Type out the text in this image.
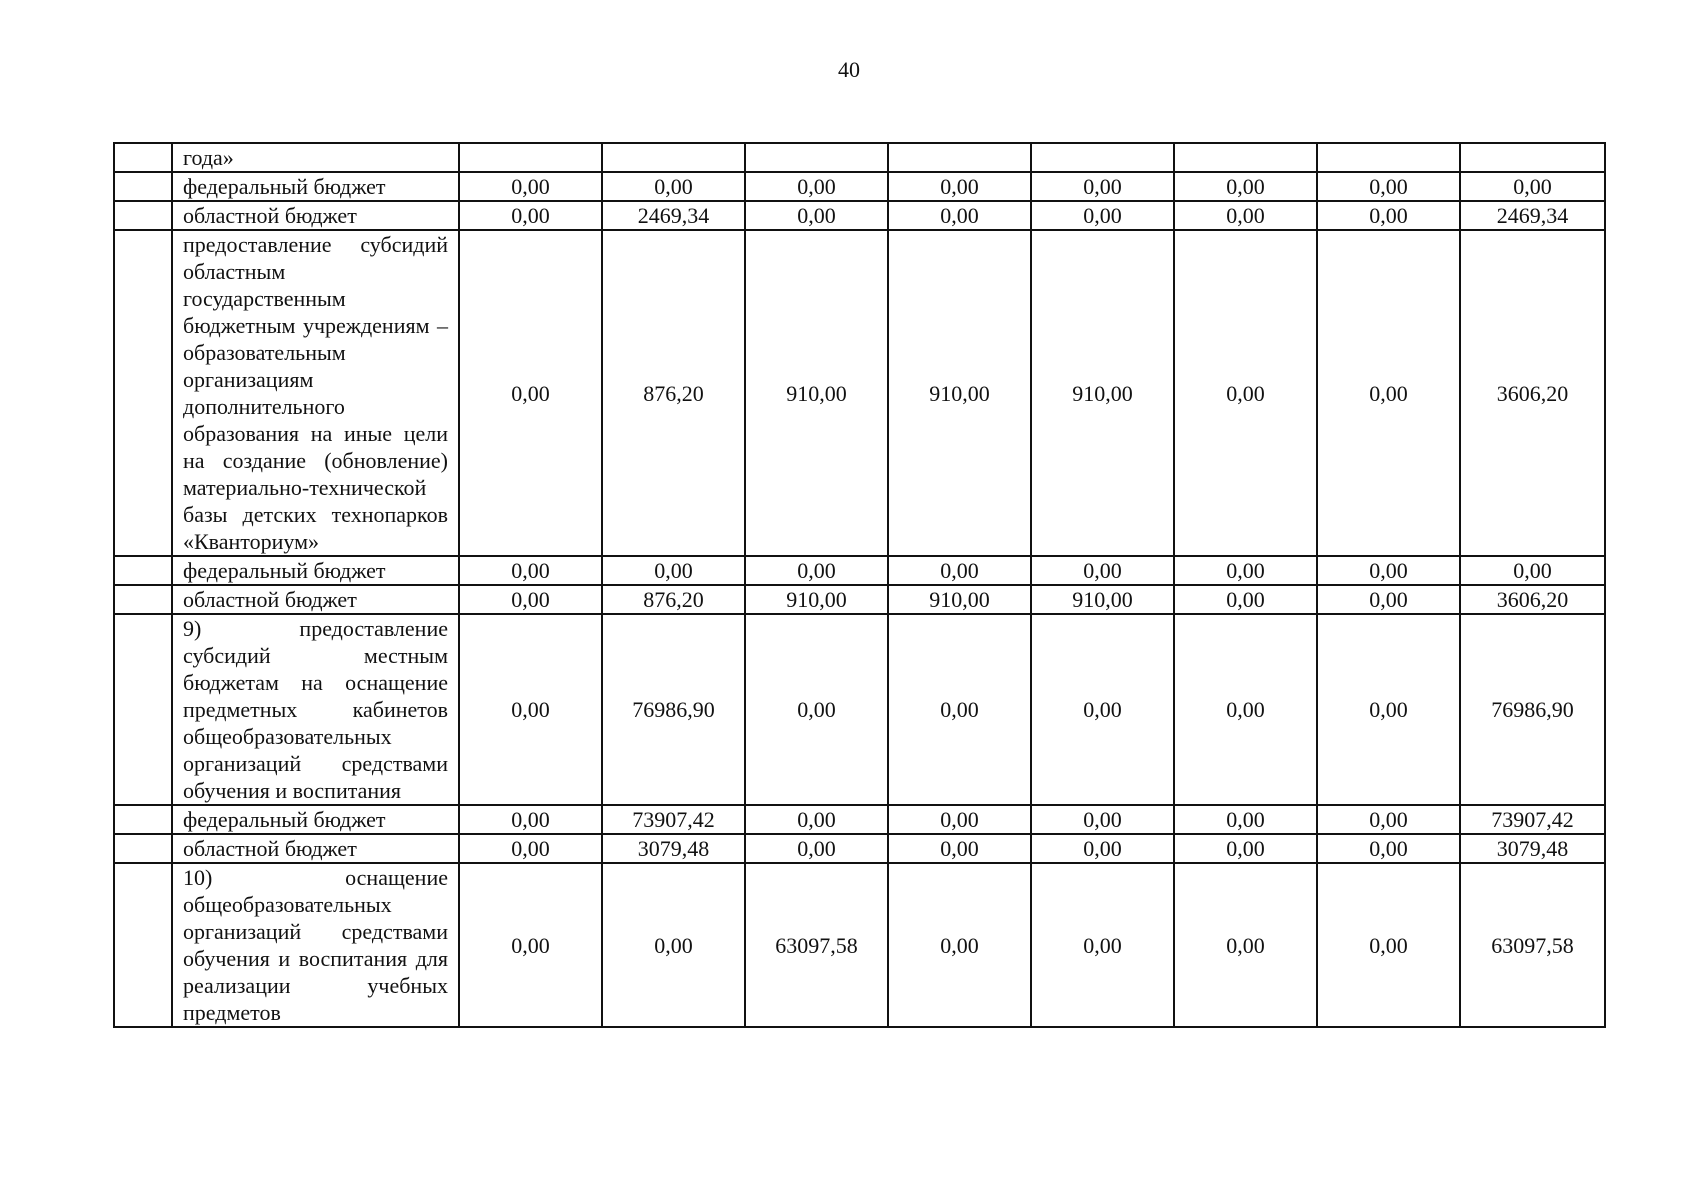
40
	года»								
	федеральный бюджет	0,00	0,00	0,00	0,00	0,00	0,00	0,00	0,00
	областной бюджет	0,00	2469,34	0,00	0,00	0,00	0,00	0,00	2469,34
	предоставление субсидий областным государственным бюджетным учреждениям – образовательным организациям дополнительного образования на иные цели на создание (обновление) материально-технической базы детских технопарков «Кванториум»	0,00	876,20	910,00	910,00	910,00	0,00	0,00	3606,20
	федеральный бюджет	0,00	0,00	0,00	0,00	0,00	0,00	0,00	0,00
	областной бюджет	0,00	876,20	910,00	910,00	910,00	0,00	0,00	3606,20
	9) предоставление субсидий местным бюджетам на оснащение предметных кабинетов общеобразовательных организаций средствами обучения и воспитания	0,00	76986,90	0,00	0,00	0,00	0,00	0,00	76986,90
	федеральный бюджет	0,00	73907,42	0,00	0,00	0,00	0,00	0,00	73907,42
	областной бюджет	0,00	3079,48	0,00	0,00	0,00	0,00	0,00	3079,48
	10) оснащение общеобразовательных организаций средствами обучения и воспитания для реализации учебных предметов	0,00	0,00	63097,58	0,00	0,00	0,00	0,00	63097,58
